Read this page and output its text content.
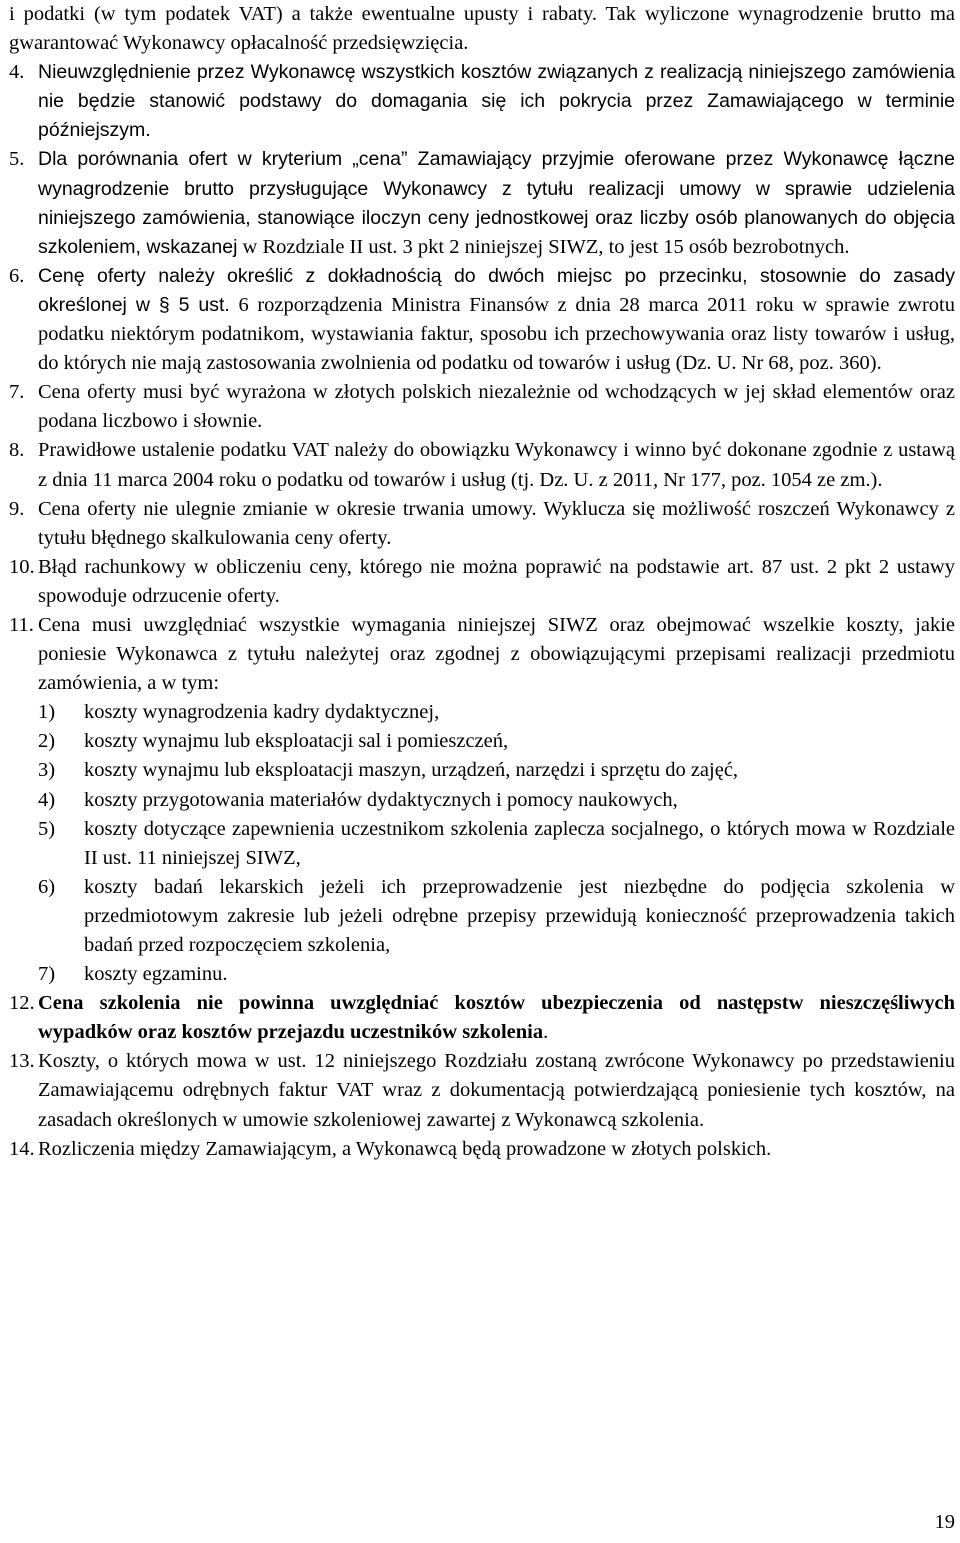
i podatki (w tym podatek VAT) a także ewentualne upusty i rabaty. Tak wyliczone wynagrodzenie brutto ma gwarantować Wykonawcy opłacalność przedsięwzięcia.

4. Nieuwzględnienie przez Wykonawcę wszystkich kosztów związanych z realizacją niniejszego zamówienia nie będzie stanowić podstawy do domagania się ich pokrycia przez Zamawiającego w terminie późniejszym.
5. Dla porównania ofert w kryterium „cena” Zamawiający przyjmie oferowane przez Wykonawcę łączne wynagrodzenie brutto przysługujące Wykonawcy z tytułu realizacji umowy w sprawie udzielenia niniejszego zamówienia, stanowiące iloczyn ceny jednostkowej oraz liczby osób planowanych do objęcia szkoleniem, wskazanej w Rozdziale II ust. 3 pkt 2 niniejszej SIWZ, to jest 15 osób bezrobotnych.
6. Cenę oferty należy określić z dokładnością do dwóch miejsc po przecinku, stosownie do zasady określonej w § 5 ust. 6 rozporządzenia Ministra Finansów z dnia 28 marca 2011 roku w sprawie zwrotu podatku niektórym podatnikom, wystawiania faktur, sposobu ich przechowywania oraz listy towarów i usług, do których nie mają zastosowania zwolnienia od podatku od towarów i usług (Dz. U. Nr 68, poz. 360).
7. Cena oferty musi być wyrażona w złotych polskich niezależnie od wchodzących w jej skład elementów oraz podana liczbowo i słownie.
8. Prawidłowe ustalenie podatku VAT należy do obowiązku Wykonawcy i winno być dokonane zgodnie z ustawą z dnia 11 marca 2004 roku o podatku od towarów i usług (tj. Dz. U. z 2011, Nr 177, poz. 1054 ze zm.).
9. Cena oferty nie ulegnie zmianie w okresie trwania umowy. Wyklucza się możliwość roszczeń Wykonawcy z tytułu błędnego skalkulowania ceny oferty.
10. Błąd rachunkowy w obliczeniu ceny, którego nie można poprawić na podstawie art. 87 ust. 2 pkt 2 ustawy spowoduje odrzucenie oferty.
11. Cena musi uwzględniać wszystkie wymagania niniejszej SIWZ oraz obejmować wszelkie koszty, jakie poniesie Wykonawca z tytułu należytej oraz zgodnej z obowiązującymi przepisami realizacji przedmiotu zamówienia, a w tym:
1) koszty wynagrodzenia kadry dydaktycznej,
2) koszty wynajmu lub eksploatacji sal i pomieszczeń,
3) koszty wynajmu lub eksploatacji maszyn, urządzeń, narzędzi i sprzętu do zajęć,
4) koszty przygotowania materiałów dydaktycznych i pomocy naukowych,
5) koszty dotyczące zapewnienia uczestnikom szkolenia zaplecza socjalnego, o których mowa w Rozdziale II ust. 11 niniejszej SIWZ,
6) koszty badań lekarskich jeżeli ich przeprowadzenie jest niezbędne do podjęcia szkolenia w przedmiotowym zakresie lub jeżeli odrębne przepisy przewidują konieczność przeprowadzenia takich badań przed rozpoczęciem szkolenia,
7) koszty egzaminu.
12. Cena szkolenia nie powinna uwzględniać kosztów ubezpieczenia od następstw nieszczęśliwych wypadków oraz kosztów przejazdu uczestników szkolenia.
13. Koszty, o których mowa w ust. 12 niniejszego Rozdziału zostaną zwrócone Wykonawcy po przedstawieniu Zamawiającemu odrębnych faktur VAT wraz z dokumentacją potwierdzającą poniesienie tych kosztów, na zasadach określonych w umowie szkoleniowej zawartej z Wykonawcą szkolenia.
14. Rozliczenia między Zamawiającym, a Wykonawcą będą prowadzone w złotych polskich.
19
